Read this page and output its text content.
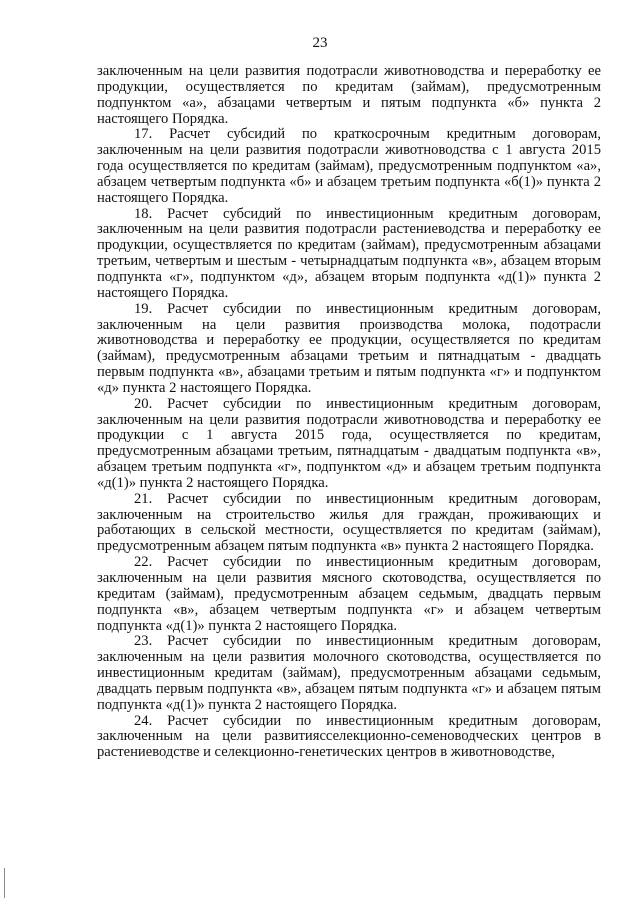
23

заключенным на цели развития подотрасли животноводства и переработку ее продукции, осуществляется по кредитам (займам), предусмотренным подпунктом «а», абзацами четвертым и пятым подпункта «б» пункта 2 настоящего Порядка.

17. Расчет субсидий по краткосрочным кредитным договорам, заключенным на цели развития подотрасли животноводства с 1 августа 2015 года осуществляется по кредитам (займам), предусмотренным подпунктом «а», абзацем четвертым подпункта «б» и абзацем третьим подпункта «б(1)» пункта 2 настоящего Порядка.

18. Расчет субсидий по инвестиционным кредитным договорам, заключенным на цели развития подотрасли растениеводства и переработку ее продукции, осуществляется по кредитам (займам), предусмотренным абзацами третьим, четвертым и шестым - четырнадцатым подпункта «в», абзацем вторым подпункта «г», подпунктом «д», абзацем вторым подпункта «д(1)» пункта 2 настоящего Порядка.

19. Расчет субсидии по инвестиционным кредитным договорам, заключенным на цели развития производства молока, подотрасли животноводства и переработку ее продукции, осуществляется по кредитам (займам), предусмотренным абзацами третьим и пятнадцатым - двадцать первым подпункта «в», абзацами третьим и пятым подпункта «г» и подпунктом «д» пункта 2 настоящего Порядка.

20. Расчет субсидии по инвестиционным кредитным договорам, заключенным на цели развития подотрасли животноводства и переработку ее продукции с 1 августа 2015 года, осуществляется по кредитам, предусмотренным абзацами третьим, пятнадцатым - двадцатым подпункта «в», абзацем третьим подпункта «г», подпунктом «д» и абзацем третьим подпункта «д(1)» пункта 2 настоящего Порядка.

21. Расчет субсидии по инвестиционным кредитным договорам, заключенным на строительство жилья для граждан, проживающих и работающих в сельской местности, осуществляется по кредитам (займам), предусмотренным абзацем пятым подпункта «в» пункта 2 настоящего Порядка.

22. Расчет субсидии по инвестиционным кредитным договорам, заключенным на цели развития мясного скотоводства, осуществляется по кредитам (займам), предусмотренным абзацем седьмым, двадцать первым подпункта «в», абзацем четвертым подпункта «г» и абзацем четвертым подпункта «д(1)» пункта 2 настоящего Порядка.

23. Расчет субсидии по инвестиционным кредитным договорам, заключенным на цели развития молочного скотоводства, осуществляется по инвестиционным кредитам (займам), предусмотренным абзацами седьмым, двадцать первым подпункта «в», абзацем пятым подпункта «г» и абзацем пятым подпункта «д(1)» пункта 2 настоящего Порядка.

24. Расчет субсидии по инвестиционным кредитным договорам, заключенным на цели развитиясселекционно-семеноводческих центров в растениеводстве и селекционно-генетических центров в животноводстве,
